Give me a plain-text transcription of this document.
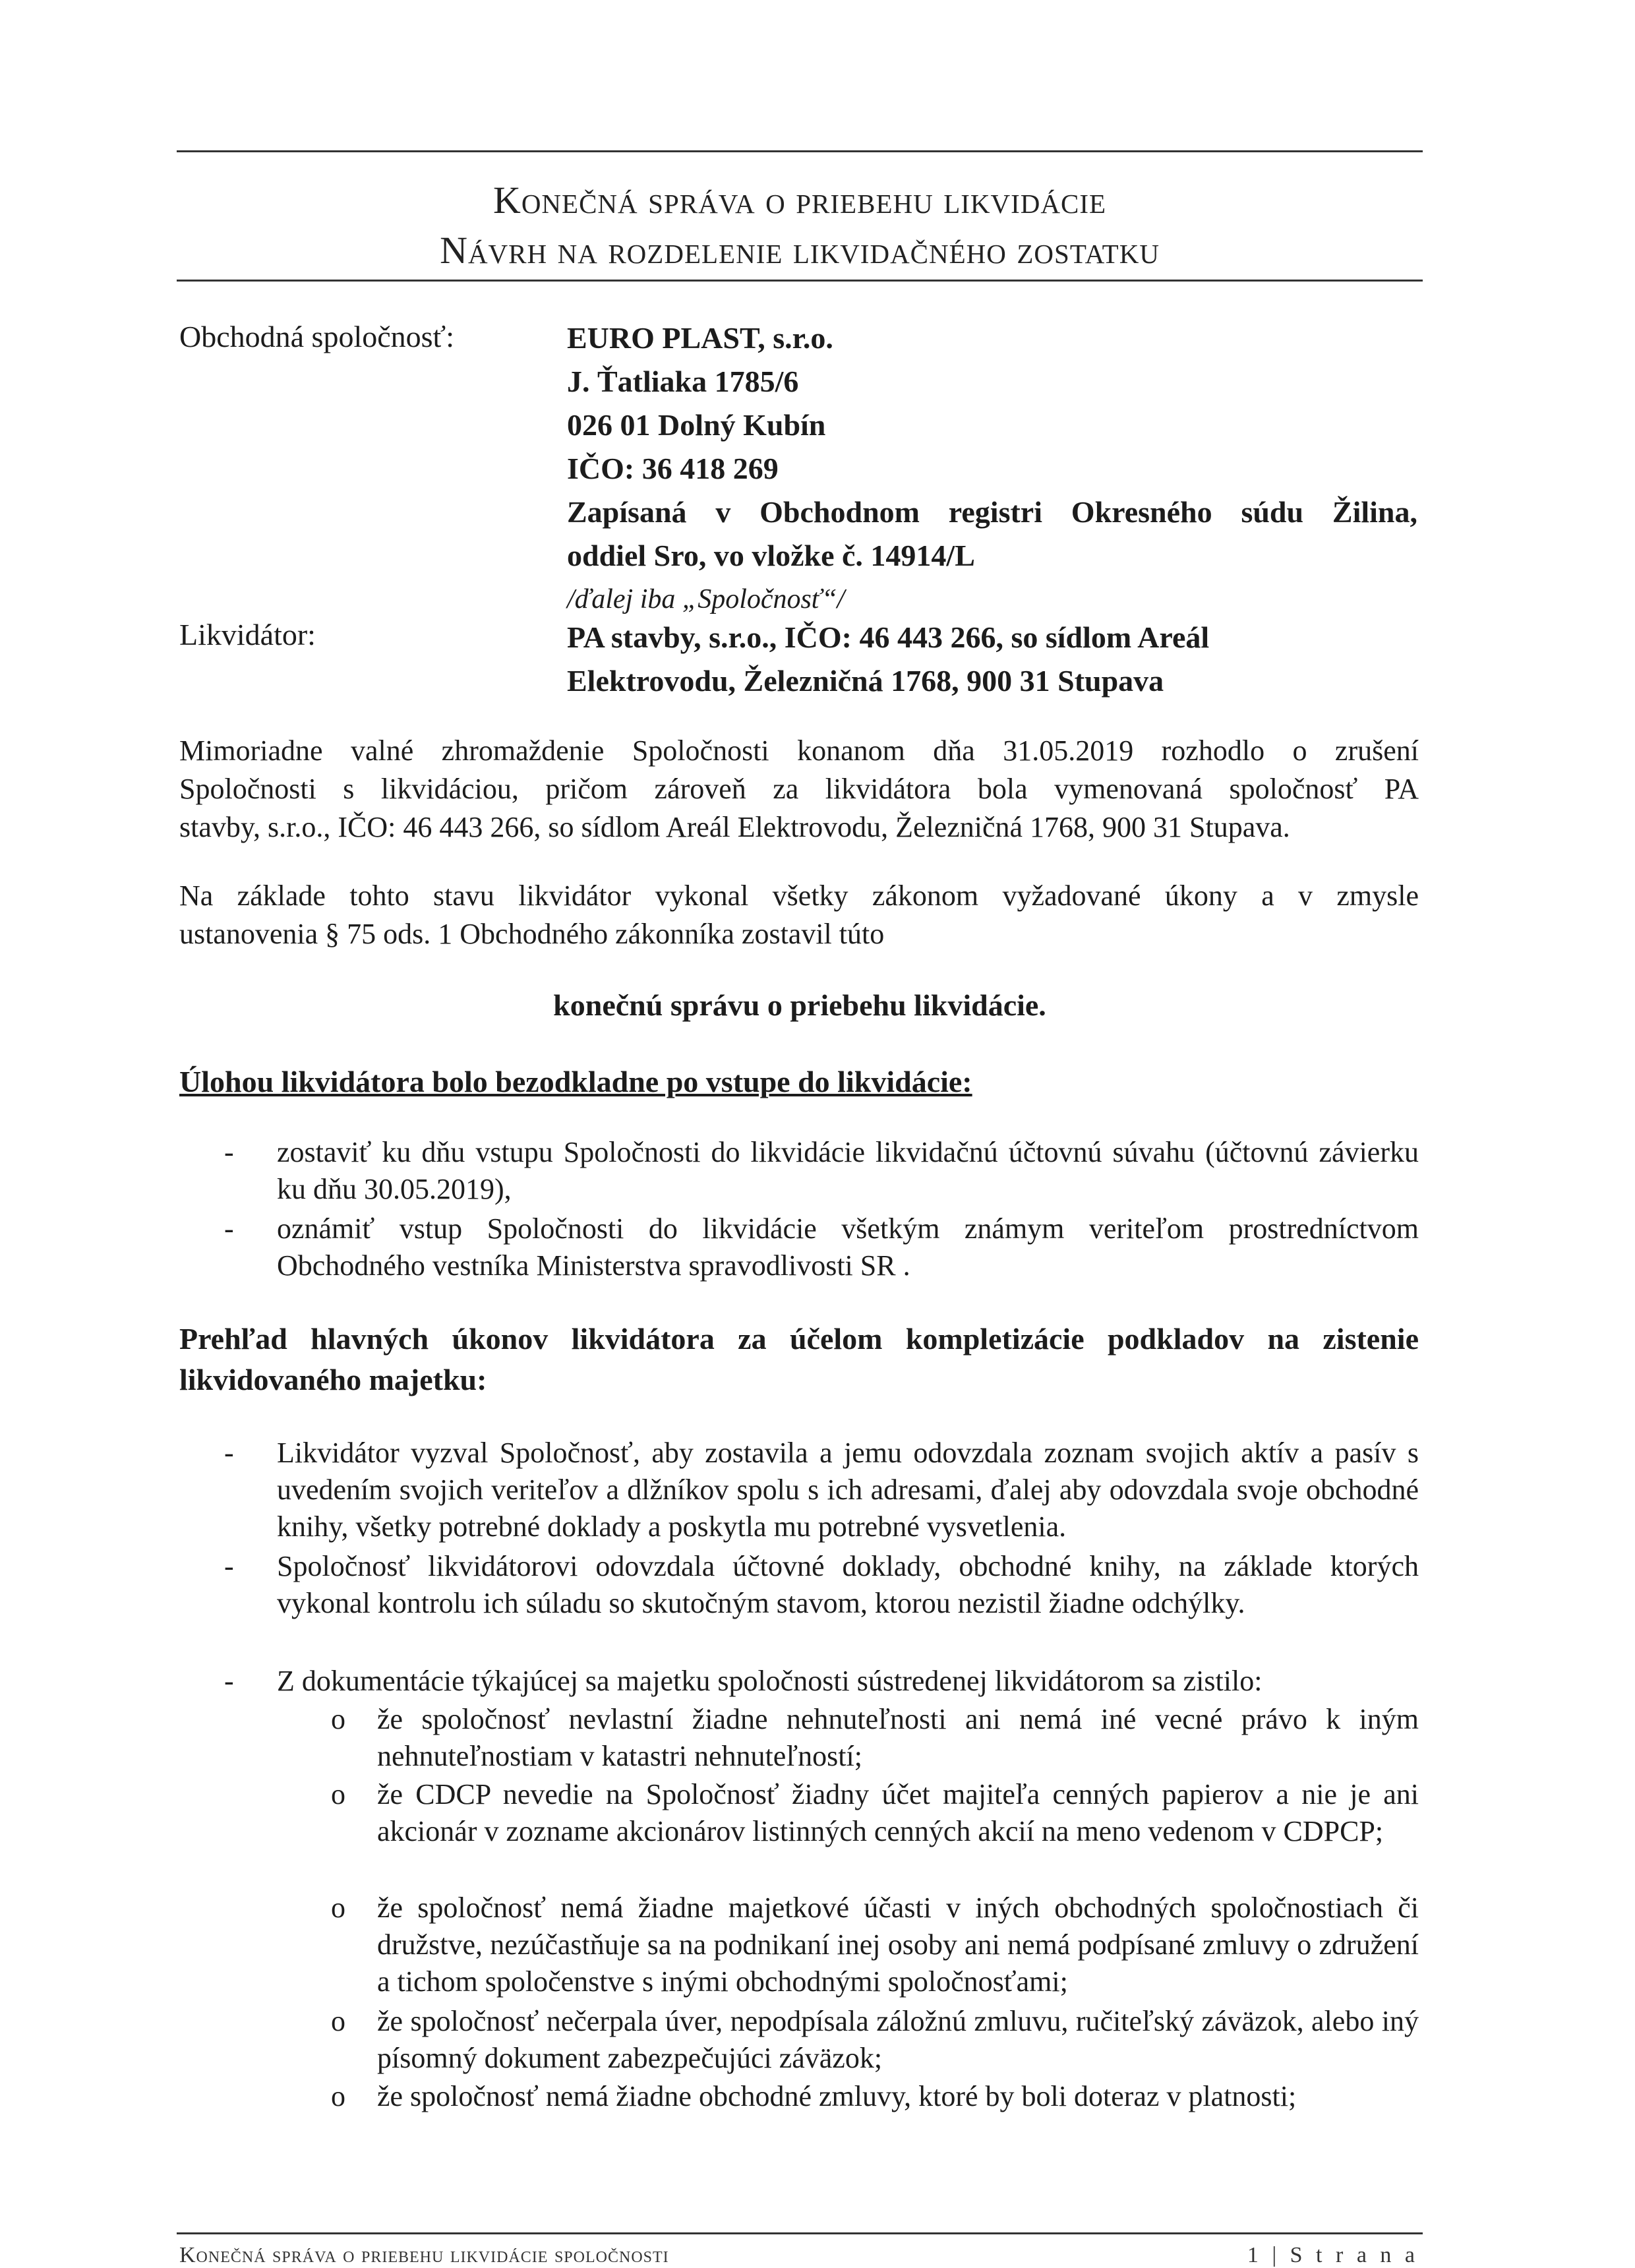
Konečná správa o priebehu likvidácie
Návrh na rozdelenie likvidačného zostatku
Obchodná spoločnosť:	EURO PLAST, s.r.o.
J. Ťatliaka 1785/6
026 01 Dolný Kubín
IČO: 36 418 269
Zapísaná v Obchodnom registri Okresného súdu Žilina,
oddiel Sro, vo vložke č. 14914/L
/ďalej iba „Spoločnosť“/
Likvidátor:	PA stavby, s.r.o., IČO: 46 443 266, so sídlom Areál
Elektrovodu, Železničná 1768, 900 31 Stupava
Mimoriadne valné zhromaždenie Spoločnosti konanom dňa 31.05.2019 rozhodlo o zrušení
Spoločnosti s likvidáciou, pričom zároveň za likvidátora bola vymenovaná spoločnosť PA
stavby, s.r.o., IČO: 46 443 266, so sídlom Areál Elektrovodu, Železničná 1768, 900 31 Stupava.
Na základe tohto stavu likvidátor vykonal všetky zákonom vyžadované úkony a v zmysle
ustanovenia § 75 ods. 1 Obchodného zákonníka zostavil túto
konečnú správu o priebehu likvidácie.
Úlohou likvidátora bolo bezodkladne po vstupe do likvidácie:
- zostaviť ku dňu vstupu Spoločnosti do likvidácie likvidačnú účtovnú súvahu (účtovnú závierku ku dňu 30.05.2019),
- oznámiť vstup Spoločnosti do likvidácie všetkým známym veriteľom prostredníctvom Obchodného vestníka Ministerstva spravodlivosti SR .
Prehľad hlavných úkonov likvidátora za účelom kompletizácie podkladov na zistenie
likvidovaného majetku:
- Likvidátor vyzval Spoločnosť, aby zostavila a jemu odovzdala zoznam svojich aktív a pasív s uvedením svojich veriteľov a dlžníkov spolu s ich adresami, ďalej aby odovzdala svoje obchodné knihy, všetky potrebné doklady a poskytla mu potrebné vysvetlenia.
- Spoločnosť likvidátorovi odovzdala účtovné doklady, obchodné knihy, na základe ktorých vykonal kontrolu ich súladu so skutočným stavom, ktorou nezistil žiadne odchýlky.
- Z dokumentácie týkajúcej sa majetku spoločnosti sústredenej likvidátorom sa zistilo:
o že spoločnosť nevlastní žiadne nehnuteľnosti ani nemá iné vecné právo k iným nehnuteľnostiam v katastri nehnuteľností;
o že CDCP nevedie na Spoločnosť žiadny účet majiteľa cenných papierov a nie je ani akcionár v zozname akcionárov listinných cenných akcií na meno vedenom v CDPCP;
o že spoločnosť nemá žiadne majetkové účasti v iných obchodných spoločnostiach či družstve, nezúčastňuje sa na podnikaní inej osoby ani nemá podpísané zmluvy o združení a tichom spoločenstve s inými obchodnými spoločnosťami;
o že spoločnosť nečerpala úver, nepodpísala záložnú zmluvu, ručiteľský záväzok, alebo iný písomný dokument zabezpečujúci záväzok;
o že spoločnosť nemá žiadne obchodné zmluvy, ktoré by boli doteraz v platnosti;
Konečná správa o priebehu likvidácie spoločnosti	1 | S t r a n a
